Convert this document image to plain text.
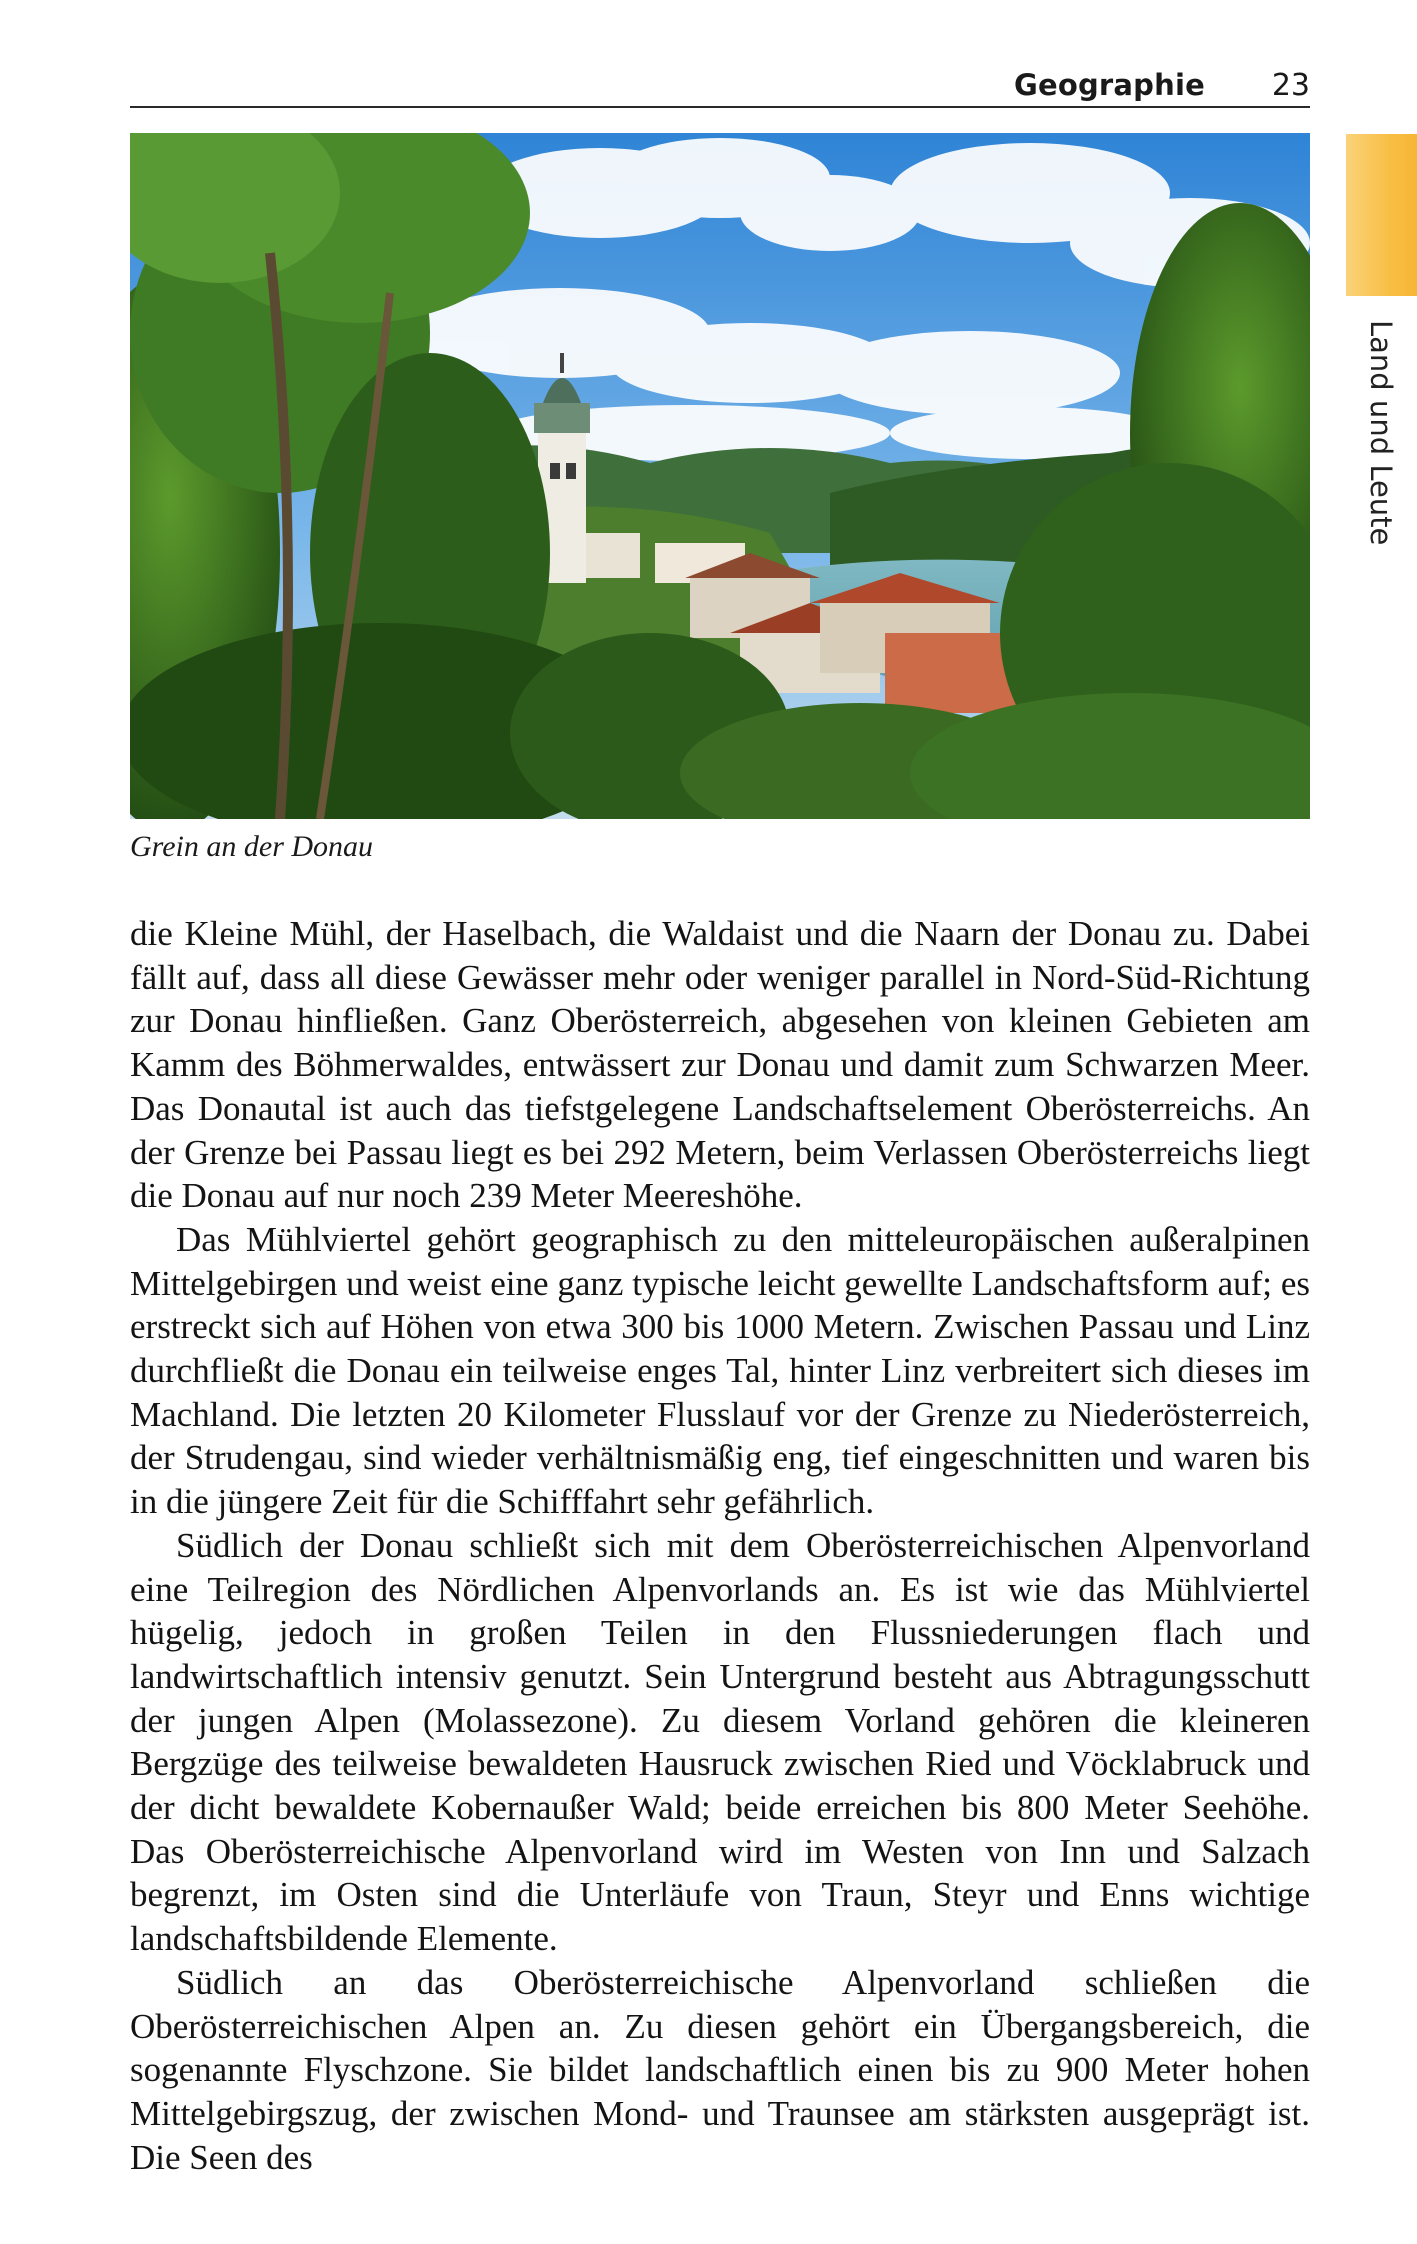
Geographie 23
Land und Leute
Grein an der Donau

die Kleine Mühl, der Haselbach, die Waldaist und die Naarn der Donau zu. Dabei fällt auf, dass all diese Gewässer mehr oder weniger parallel in Nord-Süd-Richtung zur Donau hinfließen. Ganz Oberösterreich, abgesehen von kleinen Gebieten am Kamm des Böhmerwaldes, entwässert zur Donau und damit zum Schwarzen Meer. Das Donautal ist auch das tiefstgelegene Landschaftselement Oberösterreichs. An der Grenze bei Passau liegt es bei 292 Metern, beim Verlassen Oberösterreichs liegt die Donau auf nur noch 239 Meter Meereshöhe.

Das Mühlviertel gehört geographisch zu den mitteleuropäischen außeralpinen Mittelgebirgen und weist eine ganz typische leicht gewellte Landschaftsform auf; es erstreckt sich auf Höhen von etwa 300 bis 1000 Metern. Zwischen Passau und Linz durchfließt die Donau ein teilweise enges Tal, hinter Linz verbreitert sich dieses im Machland. Die letzten 20 Kilometer Flusslauf vor der Grenze zu Niederösterreich, der Strudengau, sind wieder verhältnismäßig eng, tief eingeschnitten und waren bis in die jüngere Zeit für die Schifffahrt sehr gefährlich.

Südlich der Donau schließt sich mit dem Oberösterreichischen Alpenvorland eine Teilregion des Nördlichen Alpenvorlands an. Es ist wie das Mühlviertel hügelig, jedoch in großen Teilen in den Flussniederungen flach und landwirtschaftlich intensiv genutzt. Sein Untergrund besteht aus Abtragungsschutt der jungen Alpen (Molassezone). Zu diesem Vorland gehören die kleineren Bergzüge des teilweise bewaldeten Hausruck zwischen Ried und Vöcklabruck und der dicht bewaldete Kobernaußer Wald; beide erreichen bis 800 Meter Seehöhe. Das Oberösterreichische Alpenvorland wird im Westen von Inn und Salzach begrenzt, im Osten sind die Unterläufe von Traun, Steyr und Enns wichtige landschaftsbildende Elemente.

Südlich an das Oberösterreichische Alpenvorland schließen die Oberösterreichischen Alpen an. Zu diesen gehört ein Übergangsbereich, die sogenannte Flyschzone. Sie bildet landschaftlich einen bis zu 900 Meter hohen Mittelgebirgszug, der zwischen Mond- und Traunsee am stärksten ausgeprägt ist. Die Seen des
